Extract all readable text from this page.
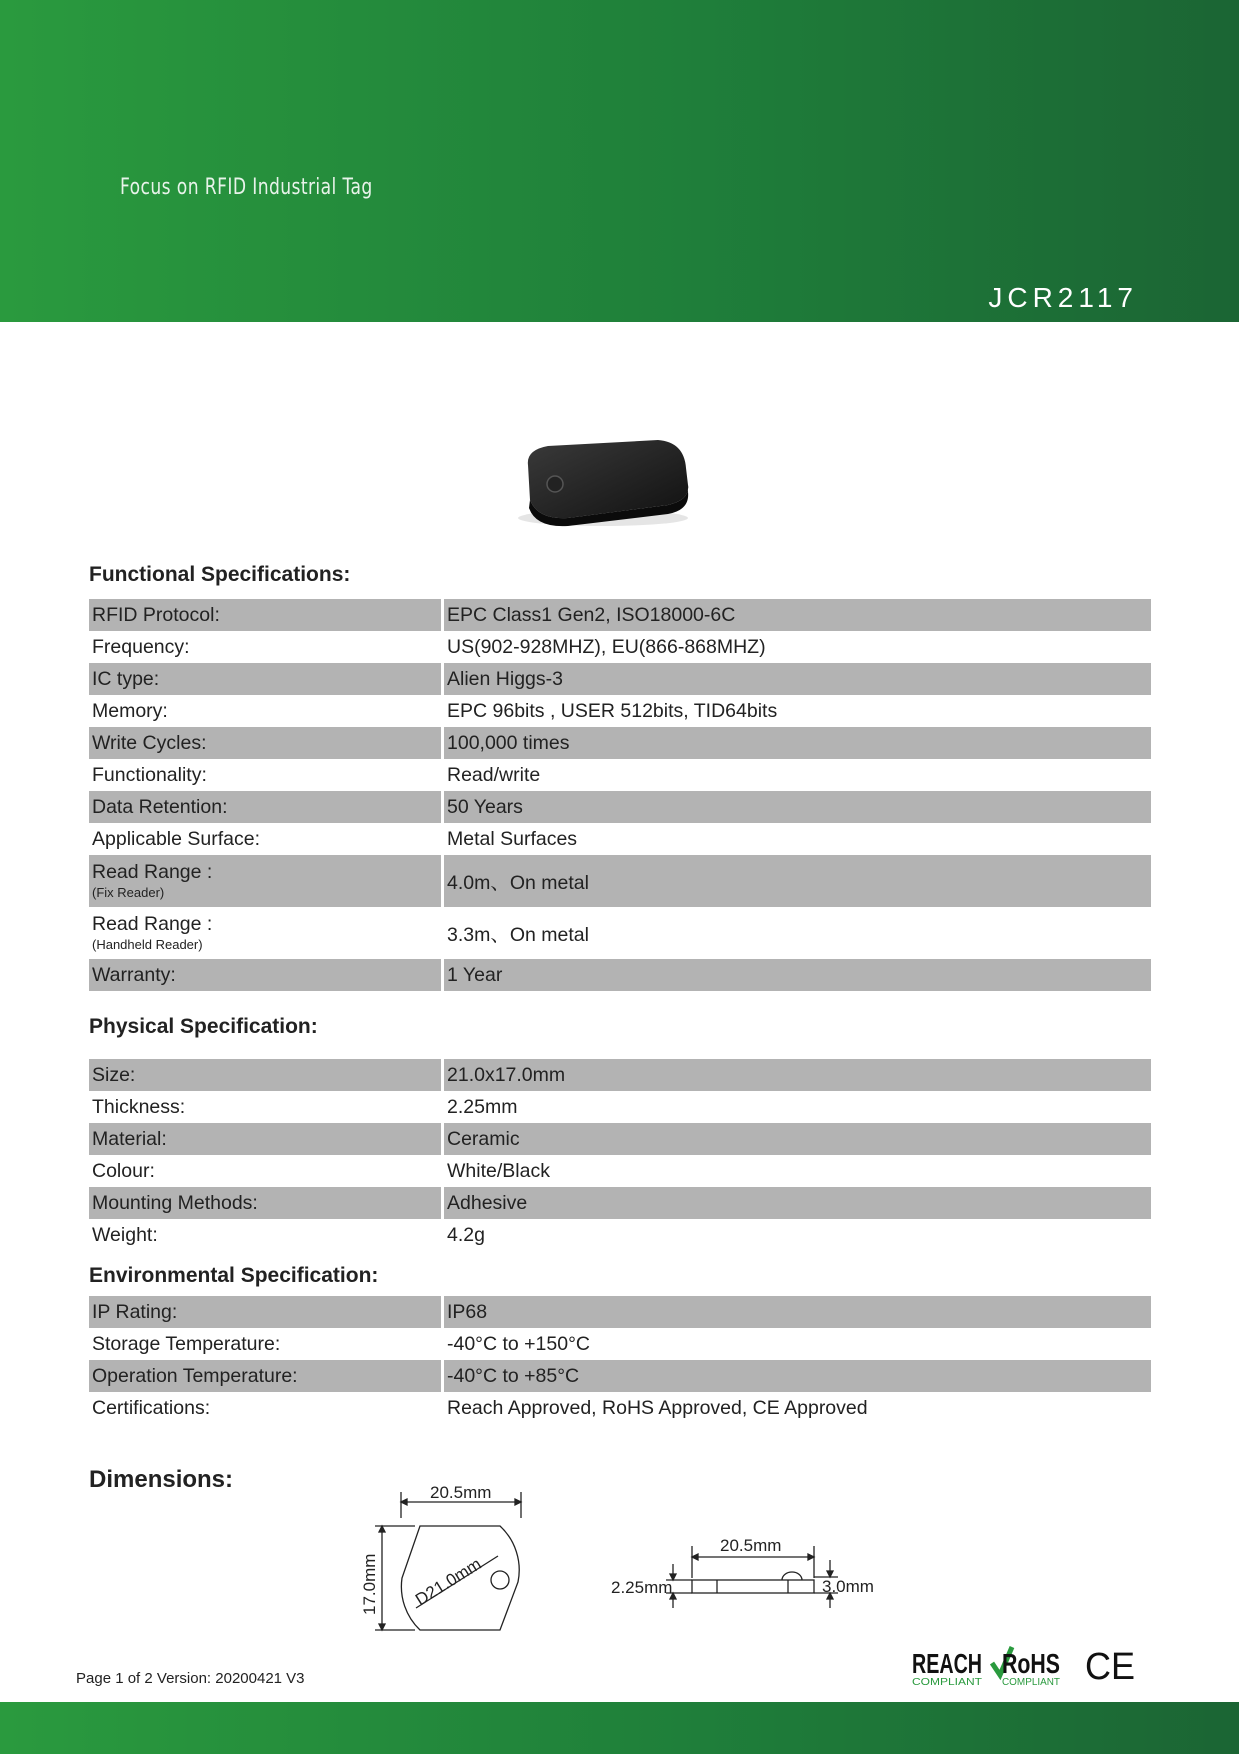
Focus on RFID Industrial Tag
JCR2117
Functional Specifications:
RFID Protocol:	EPC Class1 Gen2, ISO18000-6C
Frequency:	US(902-928MHZ), EU(866-868MHZ)
IC type:	Alien Higgs-3
Memory:	EPC 96bits , USER 512bits, TID64bits
Write Cycles:	100,000 times
Functionality:	Read/write
Data Retention:	50 Years
Applicable Surface:	Metal Surfaces
Read Range :
(Fix Reader)	4.0m、On metal
Read Range :
(Handheld Reader)	3.3m、On metal
Warranty:	1 Year
Physical Specification:
Size:	21.0x17.0mm
Thickness:	2.25mm
Material:	Ceramic
Colour:	White/Black
Mounting Methods:	Adhesive
Weight:	4.2g
Environmental Specification:
IP Rating:	IP68
Storage Temperature:	-40°C to +150°C
Operation Temperature:	-40°C to +85°C
Certifications:	Reach Approved, RoHS Approved, CE Approved
Dimensions:	20.5mm
17.0mm D21.0mm
20.5mm
2.25mm	3.0mm
Page 1 of 2 Version: 20200421 V3	REACH
COMPLIANT
RoHS
COMPLIANT CE
